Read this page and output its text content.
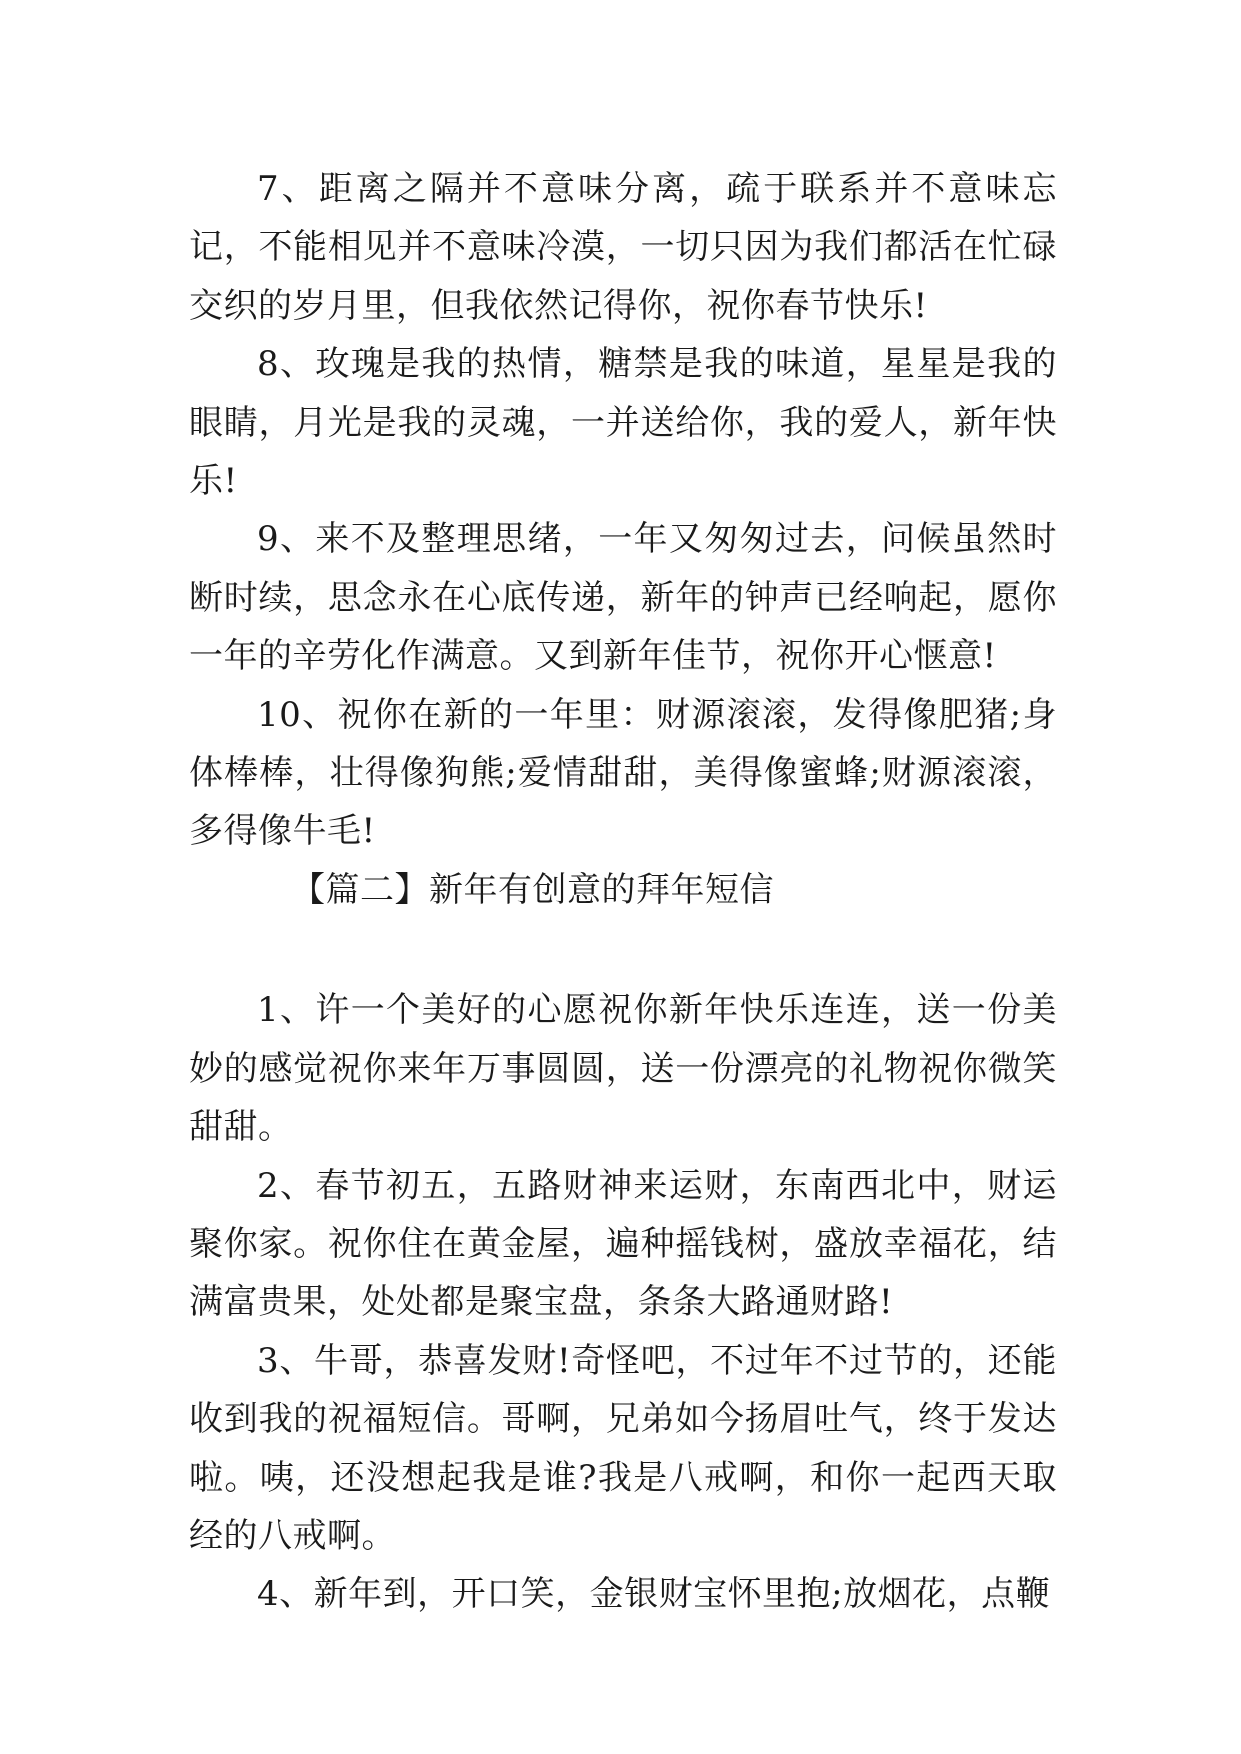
7、距离之隔并不意味分离，疏于联系并不意味忘记，不能相见并不意味冷漠，一切只因为我们都活在忙碌交织的岁月里，但我依然记得你，祝你春节快乐!

8、玫瑰是我的热情，糖禁是我的味道，星星是我的眼睛，月光是我的灵魂，一并送给你，我的爱人，新年快乐!

9、来不及整理思绪，一年又匆匆过去，问候虽然时断时续，思念永在心底传递，新年的钟声已经响起，愿你一年的辛劳化作满意。又到新年佳节，祝你开心惬意!

10、祝你在新的一年里：财源滚滚，发得像肥猪;身体棒棒，壮得像狗熊;爱情甜甜，美得像蜜蜂;财源滚滚，多得像牛毛!

【篇二】新年有创意的拜年短信

1、许一个美好的心愿祝你新年快乐连连，送一份美妙的感觉祝你来年万事圆圆，送一份漂亮的礼物祝你微笑甜甜。

2、春节初五，五路财神来运财，东南西北中，财运聚你家。祝你住在黄金屋，遍种摇钱树，盛放幸福花，结满富贵果，处处都是聚宝盘，条条大路通财路!

3、牛哥，恭喜发财!奇怪吧，不过年不过节的，还能收到我的祝福短信。哥啊，兄弟如今扬眉吐气，终于发达啦。咦，还没想起我是谁?我是八戒啊，和你一起西天取经的八戒啊。

4、新年到，开口笑，金银财宝怀里抱;放烟花，点鞭
